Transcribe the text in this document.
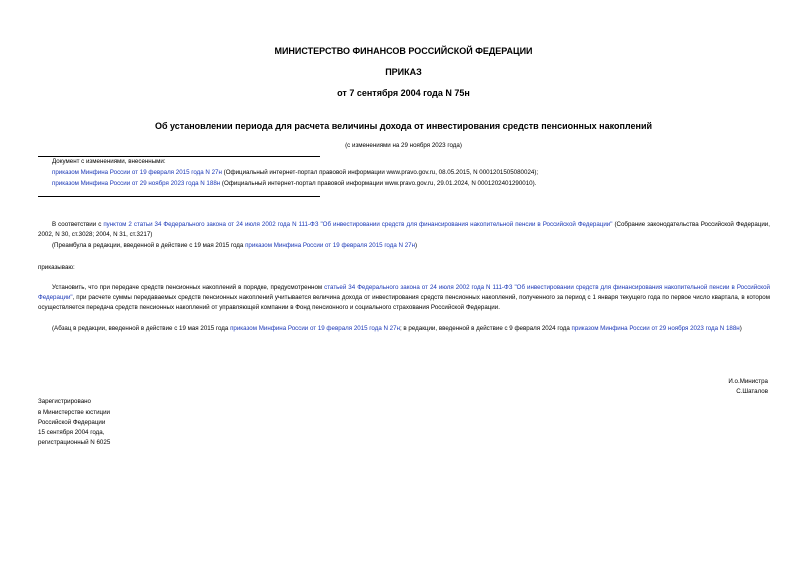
МИНИСТЕРСТВО ФИНАНСОВ РОССИЙСКОЙ ФЕДЕРАЦИИ
ПРИКАЗ
от 7 сентября 2004 года N 75н
Об установлении периода для расчета величины дохода от инвестирования средств пенсионных накоплений
(с изменениями на 29 ноября 2023 года)
Документ с изменениями, внесенными:
приказом Минфина России от 19 февраля 2015 года N 27н (Официальный интернет-портал правовой информации www.pravo.gov.ru, 08.05.2015, N 0001201505080024);
приказом Минфина России от 29 ноября 2023 года N 188н (Официальный интернет-портал правовой информации www.pravo.gov.ru, 29.01.2024, N 0001202401290010).
В соответствии с пунктом 2 статьи 34 Федерального закона от 24 июля 2002 года N 111-ФЗ "Об инвестировании средств для финансирования накопительной пенсии в Российской Федерации" (Собрание законодательства Российской Федерации, 2002, N 30, ст.3028; 2004, N 31, ст.3217)
(Преамбула в редакции, введенной в действие с 19 мая 2015 года приказом Минфина России от 19 февраля 2015 года N 27н)
приказываю:
Установить, что при передаче средств пенсионных накоплений в порядке, предусмотренном статьей 34 Федерального закона от 24 июля 2002 года N 111-ФЗ "Об инвестировании средств для финансирования накопительной пенсии в Российской Федерации", при расчете суммы передаваемых средств пенсионных накоплений учитывается величина дохода от инвестирования средств пенсионных накоплений, полученного за период с 1 января текущего года по первое число квартала, в котором осуществляется передача средств пенсионных накоплений от управляющей компании в Фонд пенсионного и социального страхования Российской Федерации.
(Абзац в редакции, введенной в действие с 19 мая 2015 года приказом Минфина России от 19 февраля 2015 года N 27н; в редакции, введенной в действие с 9 февраля 2024 года приказом Минфина России от 29 ноября 2023 года N 188н)
И.о.Министра
С.Шаталов
Зарегистрировано
в Министерстве юстиции
Российской Федерации
15 сентября 2004 года,
регистрационный N 6025
